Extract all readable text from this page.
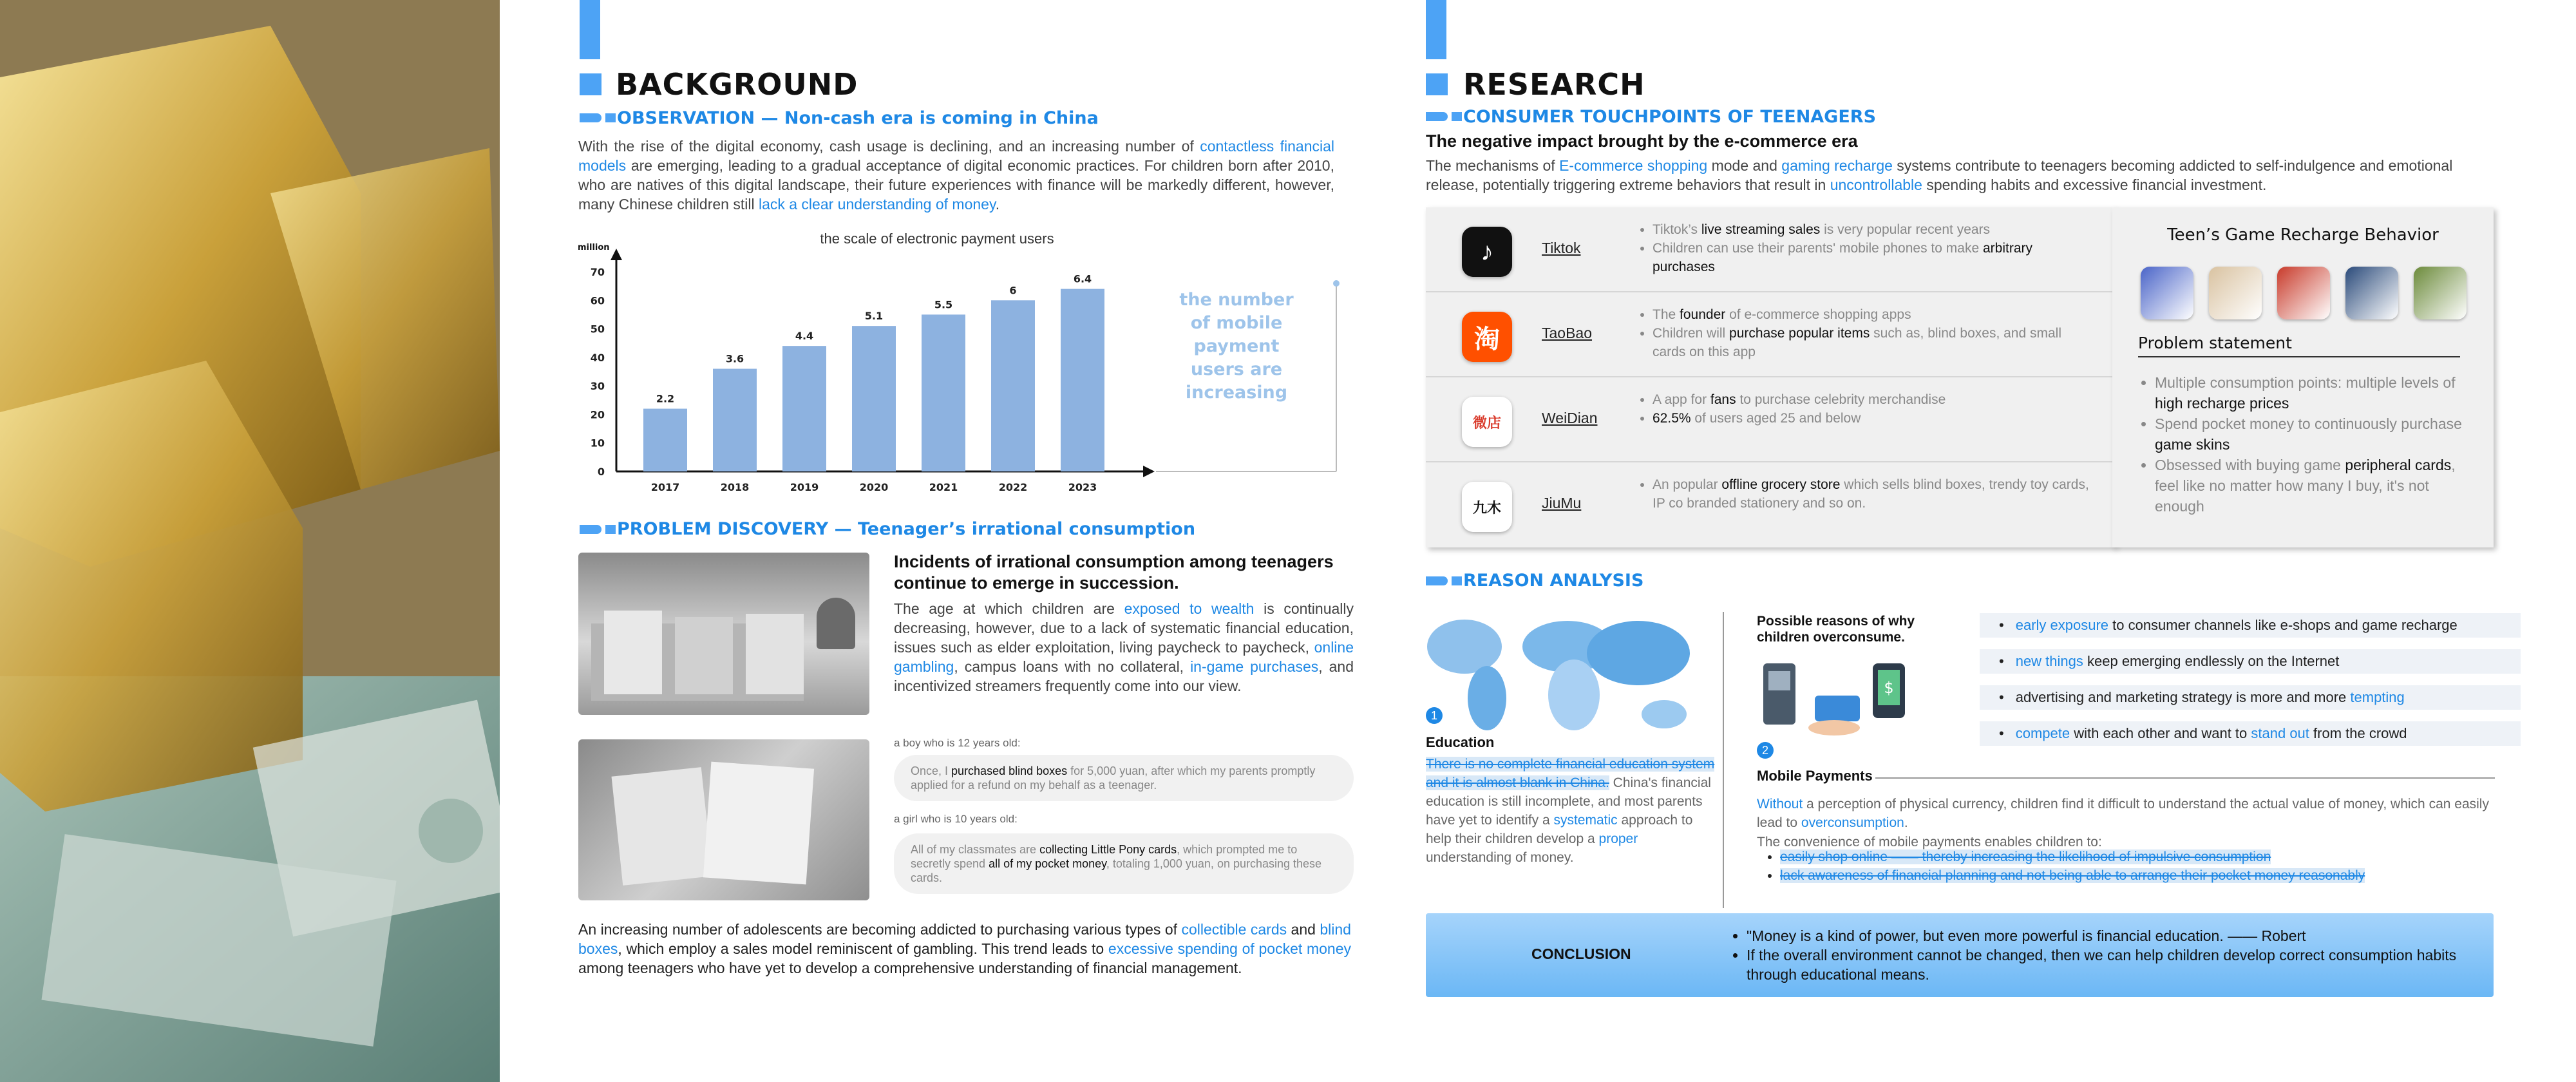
BACKGROUND
OBSERVATION — Non-cash era is coming in China
With the rise of the digital economy, cash usage is declining, and an increasing number of contactless financial models are emerging, leading to a gradual acceptance of digital economic practices. For children born after 2010, who are natives of this digital landscape, their future experiences with finance will be markedly different, however, many Chinese children still lack a clear understanding of money.
the scale of electronic payment users
million
0
10
20
30
40
50
60
70
2.2
2017
3.6
2018
4.4
2019
5.1
2020
5.5
2021
6
2022
6.4
2023
the number of mobile payment users are increasing
PROBLEM DISCOVERY — Teenager’s irrational consumption
Incidents of irrational consumption among teenagers continue to emerge in succession.
The age at which children are exposed to wealth is continually decreasing, however, due to a lack of systematic financial education, issues such as elder exploitation, living paycheck to paycheck, online gambling, campus loans with no collateral, in-game purchases, and incentivized streamers frequently come into our view.
a boy who is 12 years old:
Once, I purchased blind boxes for 5,000 yuan, after which my parents promptly applied for a refund on my behalf as a teenager.
a girl who is 10 years old:
All of my classmates are collecting Little Pony cards, which prompted me to secretly spend all of my pocket money, totaling 1,000 yuan, on purchasing these cards.
An increasing number of adolescents are becoming addicted to purchasing various types of collectible cards and blind boxes, which employ a sales model reminiscent of gambling. This trend leads to excessive spending of pocket money among teenagers who have yet to develop a comprehensive understanding of financial management.
RESEARCH
CONSUMER TOUCHPOINTS OF TEENAGERS
The negative impact brought by the e-commerce era
The mechanisms of E-commerce shopping mode and gaming recharge systems contribute to teenagers becoming addicted to self-indulgence and emotional release, potentially triggering extreme behaviors that result in uncontrollable spending habits and excessive financial investment.
♪	Tiktok
• Tiktok’s live streaming sales is very popular recent years
• Children can use their parents' mobile phones to make arbitrary purchases
淘	TaoBao
• The founder of e-commerce shopping apps
• Children will purchase popular items such as, blind boxes, and small cards on this app
微店	WeiDian
• A app for fans to purchase celebrity merchandise
• 62.5% of users aged 25 and below
九木	JiuMu
• An popular offline grocery store which sells blind boxes, trendy toy cards, IP co branded stationery and so on.
Teen’s Game Recharge Behavior
Problem statement
• Multiple consumption points: multiple levels of high recharge prices
• Spend pocket money to continuously purchase game skins
• Obsessed with buying game peripheral cards, feel like no matter how many I buy, it's not enough
REASON ANALYSIS
1
Education
There is no complete financial education system and it is almost blank in China. China's financial education is still incomplete, and most parents have yet to identify a systematic approach to help their children develop a proper understanding of money.
Possible reasons of why children overconsume.
$
• early exposure to consumer channels like e-shops and game recharge
• new things keep emerging endlessly on the Internet
• advertising and marketing strategy is more and more tempting
• compete with each other and want to stand out from the crowd
Mobile Payments
2
Without a perception of physical currency, children find it difficult to understand the actual value of money, which can easily lead to overconsumption.
The convenience of mobile payments enables children to:
• easily shop online —— thereby increasing the likelihood of impulsive consumption
• lack awareness of financial planning and not being able to arrange their pocket money reasonably
CONCLUSION
• "Money is a kind of power, but even more powerful is financial education. —— Robert
• If the overall environment cannot be changed, then we can help children develop correct consumption habits through educational means.
